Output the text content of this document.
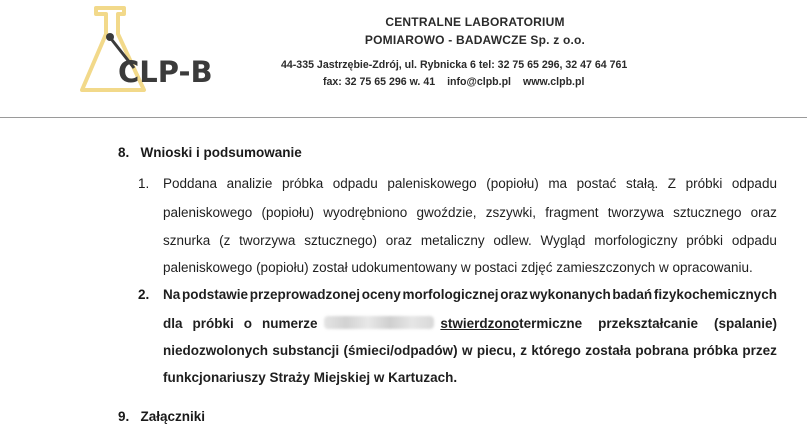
CLP-B
CENTRALNE LABORATORIUM
POMIAROWO - BADAWCZE Sp. z o.o.
44-335 Jastrzębie-Zdrój, ul. Rybnicka 6 tel: 32 75 65 296, 32 47 64 761
fax: 32 75 65 296 w. 41 info@clpb.pl www.clpb.pl
8. Wnioski i podsumowanie
1. Poddana analizie próbka odpadu paleniskowego (popiołu) ma postać stałą. Z próbki odpadu
paleniskowego (popiołu) wyodrębniono gwoździe, zszywki, fragment tworzywa sztucznego oraz
sznurka (z tworzywa sztucznego) oraz metaliczny odlew. Wygląd morfologiczny próbki odpadu
paleniskowego (popiołu) został udokumentowany w postaci zdjęć zamieszczonych w opracowaniu.
2. Na podstawie przeprowadzonej oceny morfologicznej oraz wykonanych badań fizykochemicznych
dla próbki o numerze	stwierdzono termiczne przekształcanie (spalanie)
niedozwolonych substancji (śmieci/odpadów) w piecu, z którego została pobrana próbka przez
funkcjonariuszy Straży Miejskiej w Kartuzach.
9. Załączniki
